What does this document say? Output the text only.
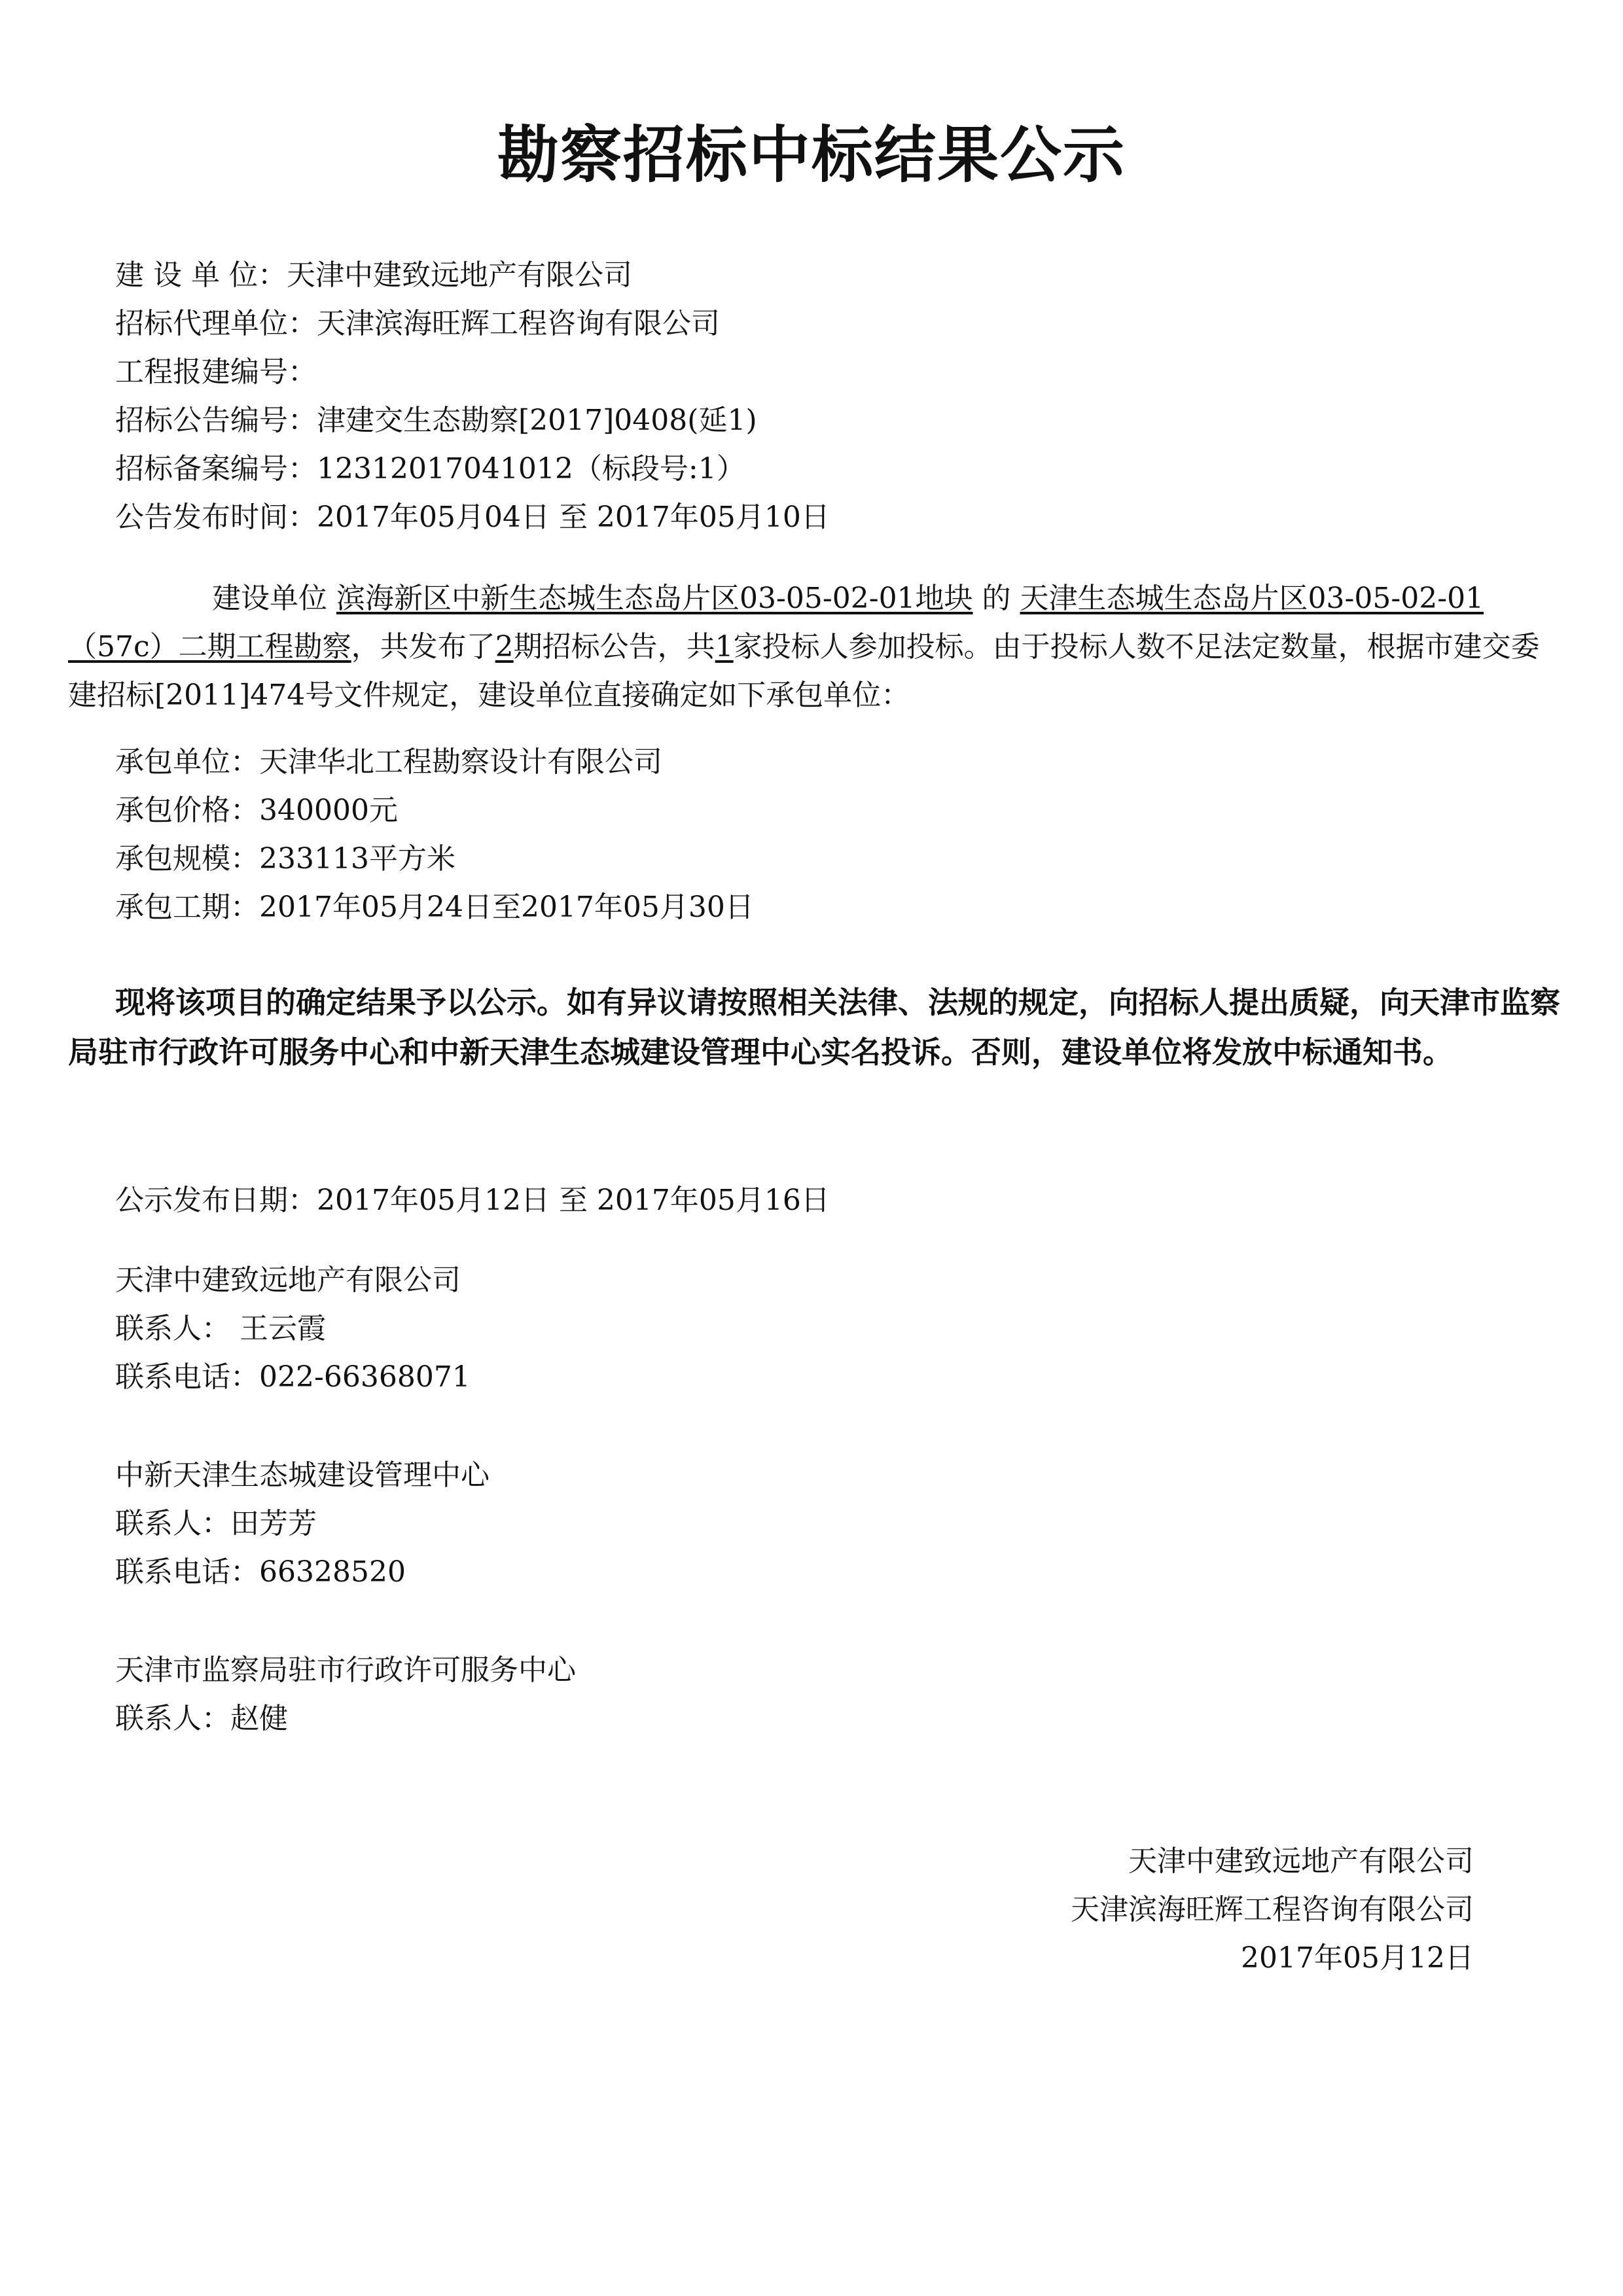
勘察招标中标结果公示
建 设 单 位：天津中建致远地产有限公司
招标代理单位：天津滨海旺辉工程咨询有限公司
工程报建编号：
招标公告编号：津建交生态勘察[2017]0408(延1)
招标备案编号：12312017041012（标段号:1）
公告发布时间：2017年05月04日 至 2017年05月10日
建设单位 滨海新区中新生态城生态岛片区03-05-02-01地块 的 天津生态城生态岛片区03-05-02-01（57c）二期工程勘察，共发布了2期招标公告，共1家投标人参加投标。由于投标人数不足法定数量，根据市建交委建招标[2011]474号文件规定，建设单位直接确定如下承包单位：
承包单位：天津华北工程勘察设计有限公司
承包价格：340000元
承包规模：233113平方米
承包工期：2017年05月24日至2017年05月30日
现将该项目的确定结果予以公示。如有异议请按照相关法律、法规的规定，向招标人提出质疑，向天津市监察局驻市行政许可服务中心和中新天津生态城建设管理中心实名投诉。否则，建设单位将发放中标通知书。
公示发布日期：2017年05月12日 至 2017年05月16日
天津中建致远地产有限公司
联系人： 王云霞
联系电话：022-66368071
中新天津生态城建设管理中心
联系人：田芳芳
联系电话：66328520
天津市监察局驻市行政许可服务中心
联系人：赵健
天津中建致远地产有限公司
天津滨海旺辉工程咨询有限公司
2017年05月12日
